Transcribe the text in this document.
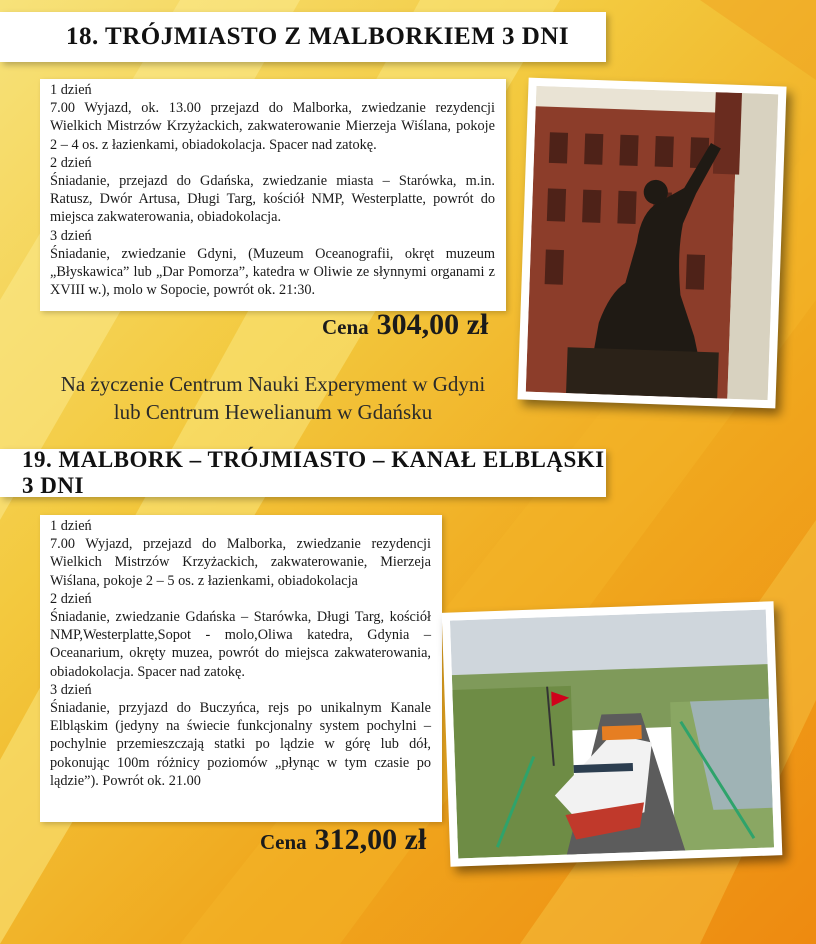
18. TRÓJMIASTO Z MALBORKIEM 3 DNI

1 dzień

7.00 Wyjazd, ok. 13.00 przejazd do Malborka, zwiedzanie rezydencji Wielkich Mistrzów Krzyżackich, zakwaterowanie Mierzeja Wiślana, pokoje 2 – 4 os. z łazienkami, obiadokolacja. Spacer nad zatokę.

2 dzień

Śniadanie, przejazd do Gdańska, zwiedzanie miasta – Starówka, m.in. Ratusz, Dwór Artusa, Długi Targ, kościół NMP, Westerplatte, powrót do miejsca zakwaterowania, obiadokolacja.

3 dzień

Śniadanie, zwiedzanie Gdyni, (Muzeum Oceanografii, okręt muzeum „Błyskawica” lub „Dar Pomorza”, katedra w Oliwie ze słynnymi organami z XVIII w.), molo w Sopocie, powrót ok. 21:30.

Cena 304,00 zł
Na życzenie Centrum Nauki Experyment w Gdyni
lub Centrum Hewelianum w Gdańsku
19. MALBORK – TRÓJMIASTO – KANAŁ ELBLĄSKI 3 DNI

1 dzień

7.00 Wyjazd, przejazd do Malborka, zwiedzanie rezydencji Wielkich Mistrzów Krzyżackich, zakwaterowanie, Mierzeja Wiślana, pokoje 2 – 5 os. z łazienkami, obiadokolacja

2 dzień

Śniadanie, zwiedzanie Gdańska – Starówka, Długi Targ, kościół NMP,Westerplatte,Sopot - molo,Oliwa katedra, Gdynia – Oceanarium, okręty muzea, powrót do miejsca zakwaterowania, obiadokolacja. Spacer nad zatokę.

3 dzień

Śniadanie, przyjazd do Buczyńca, rejs po unikalnym Kanale Elbląskim (jedyny na świecie funkcjonalny system pochylni – pochylnie przemieszczają statki po lądzie w górę lub dół, pokonując 100m różnicy poziomów „płynąc w tym czasie po lądzie”). Powrót ok. 21.00

Cena 312,00 zł
